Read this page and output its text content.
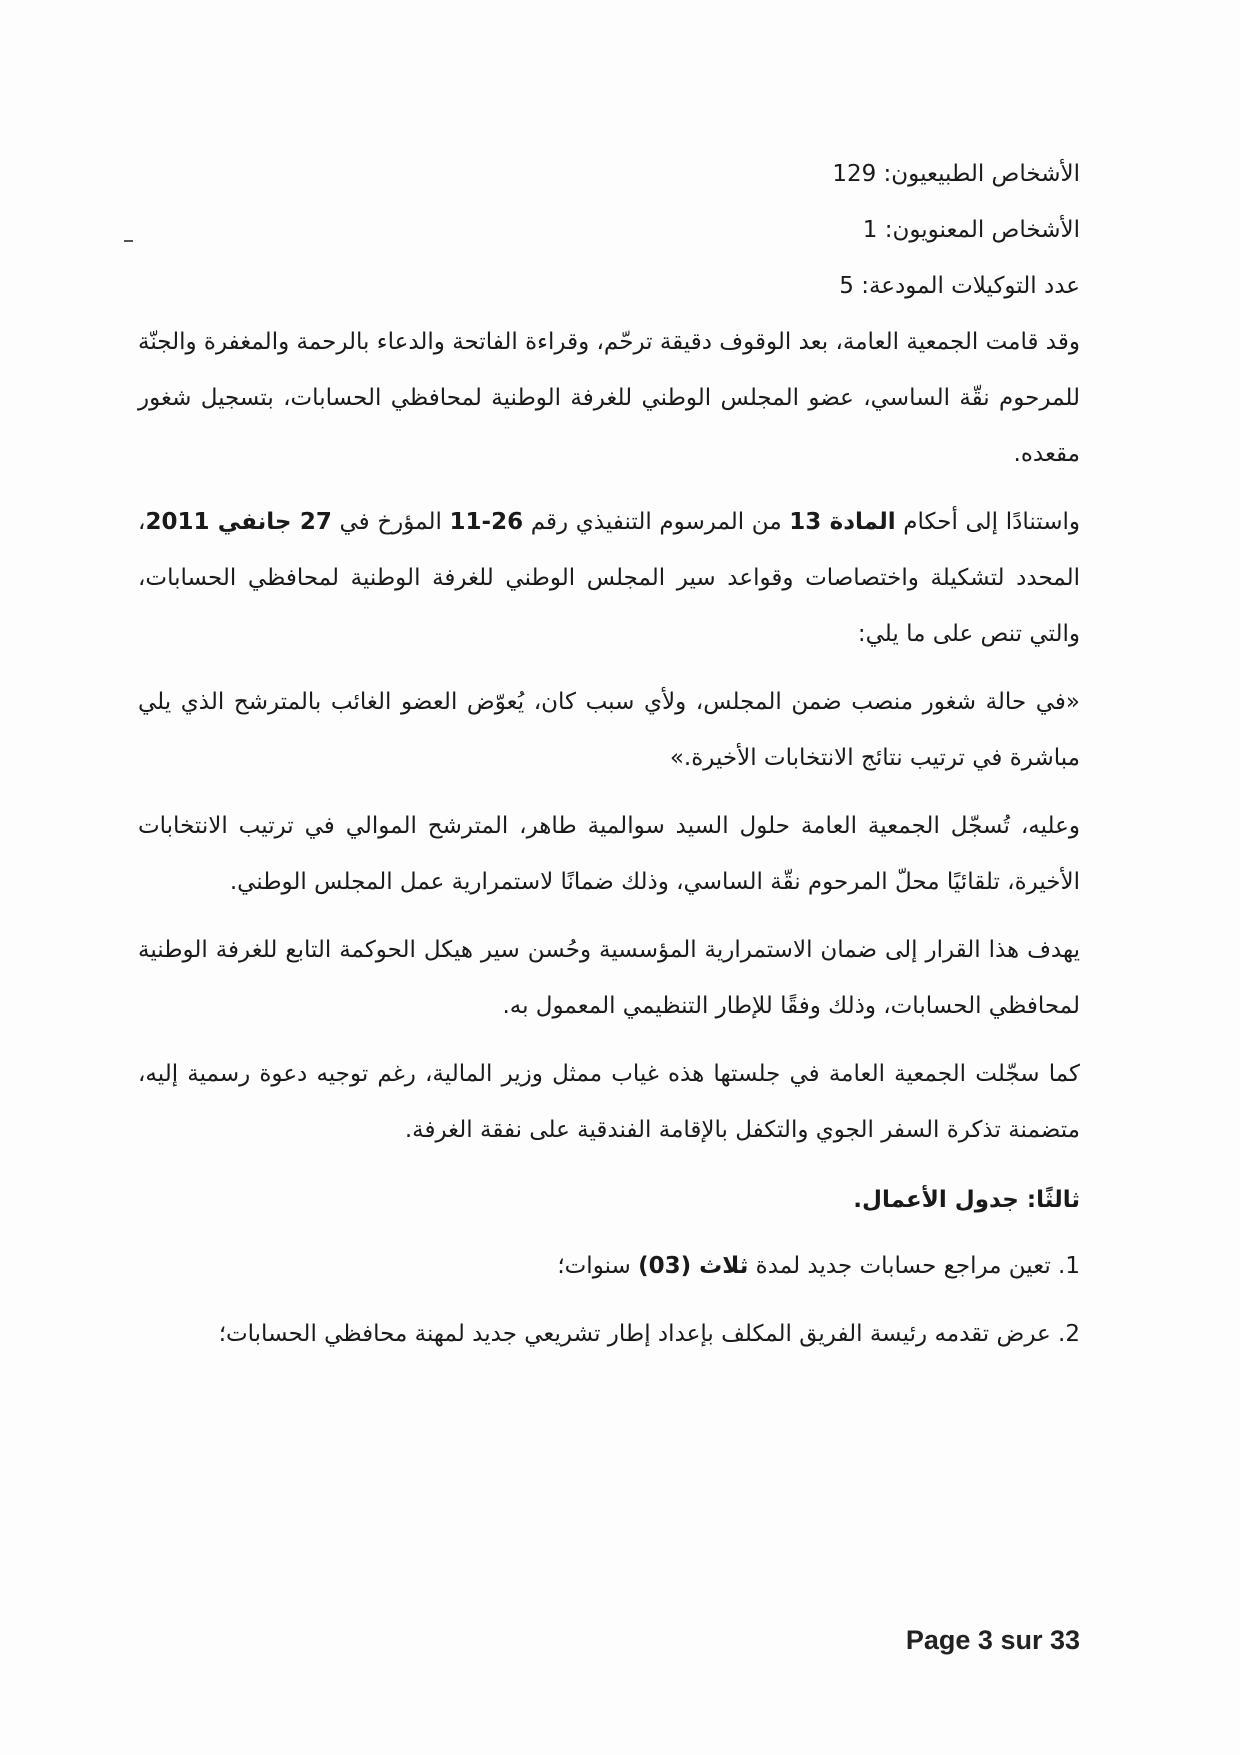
الأشخاص الطبيعيون: 129

الأشخاص المعنويون: 1

عدد التوكيلات المودعة: 5

وقد قامت الجمعية العامة، بعد الوقوف دقيقة ترحّم، وقراءة الفاتحة والدعاء بالرحمة والمغفرة والجنّة للمرحوم نقّة الساسي، عضو المجلس الوطني للغرفة الوطنية لمحافظي الحسابات، بتسجيل شغور مقعده.

واستنادًا إلى أحكام المادة 13 من المرسوم التنفيذي رقم 11-26 المؤرخ في 27 جانفي 2011، المحدد لتشكيلة واختصاصات وقواعد سير المجلس الوطني للغرفة الوطنية لمحافظي الحسابات، والتي تنص على ما يلي:

«في حالة شغور منصب ضمن المجلس، ولأي سبب كان، يُعوّض العضو الغائب بالمترشح الذي يلي مباشرة في ترتيب نتائج الانتخابات الأخيرة.»

وعليه، تُسجّل الجمعية العامة حلول السيد سوالمية طاهر، المترشح الموالي في ترتيب الانتخابات الأخيرة، تلقائيًا محلّ المرحوم نقّة الساسي، وذلك ضمانًا لاستمرارية عمل المجلس الوطني.

يهدف هذا القرار إلى ضمان الاستمرارية المؤسسية وحُسن سير هيكل الحوكمة التابع للغرفة الوطنية لمحافظي الحسابات، وذلك وفقًا للإطار التنظيمي المعمول به.

كما سجّلت الجمعية العامة في جلستها هذه غياب ممثل وزير المالية، رغم توجيه دعوة رسمية إليه، متضمنة تذكرة السفر الجوي والتكفل بالإقامة الفندقية على نفقة الغرفة.

ثالثًا: جدول الأعمال.

1. تعين مراجع حسابات جديد لمدة ثلاث (03) سنوات؛
2. عرض تقدمه رئيسة الفريق المكلف بإعداد إطار تشريعي جديد لمهنة محافظي الحسابات؛
Page 3 sur 33
